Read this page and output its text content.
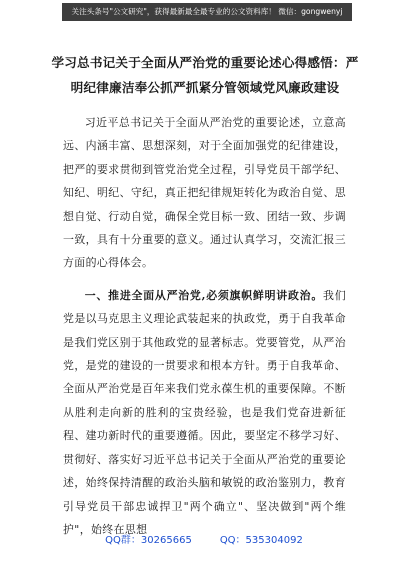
关注头条号"公文研究"，获得最新最全最专业的公文资料库！ 微信：gongwenyj
学习总书记关于全面从严治党的重要论述心得感悟：严明纪律廉洁奉公抓严抓紧分管领域党风廉政建设

习近平总书记关于全面从严治党的重要论述，立意高远、内涵丰富、思想深刻，对于全面加强党的纪律建设，把严的要求贯彻到管党治党全过程，引导党员干部学纪、知纪、明纪、守纪，真正把纪律规矩转化为政治自觉、思想自觉、行动自觉，确保全党目标一致、团结一致、步调一致，具有十分重要的意义。通过认真学习，交流汇报三方面的心得体会。

一、推进全面从严治党,必须旗帜鲜明讲政治。我们党是以马克思主义理论武装起来的执政党，勇于自我革命是我们党区别于其他政党的显著标志。党要管党，从严治党，是党的建设的一贯要求和根本方针。勇于自我革命、全面从严治党是百年来我们党永葆生机的重要保障。不断从胜利走向新的胜利的宝贵经验，也是我们党奋进新征程、建功新时代的重要遵循。因此，要坚定不移学习好、贯彻好、落实好习近平总书记关于全面从严治党的重要论述，始终保持清醒的政治头脑和敏锐的政治鉴别力，教育引导党员干部忠诚捍卫"两个确立"、坚决做到"两个维护"，始终在思想

QQ群：30265665	QQ：535304092
